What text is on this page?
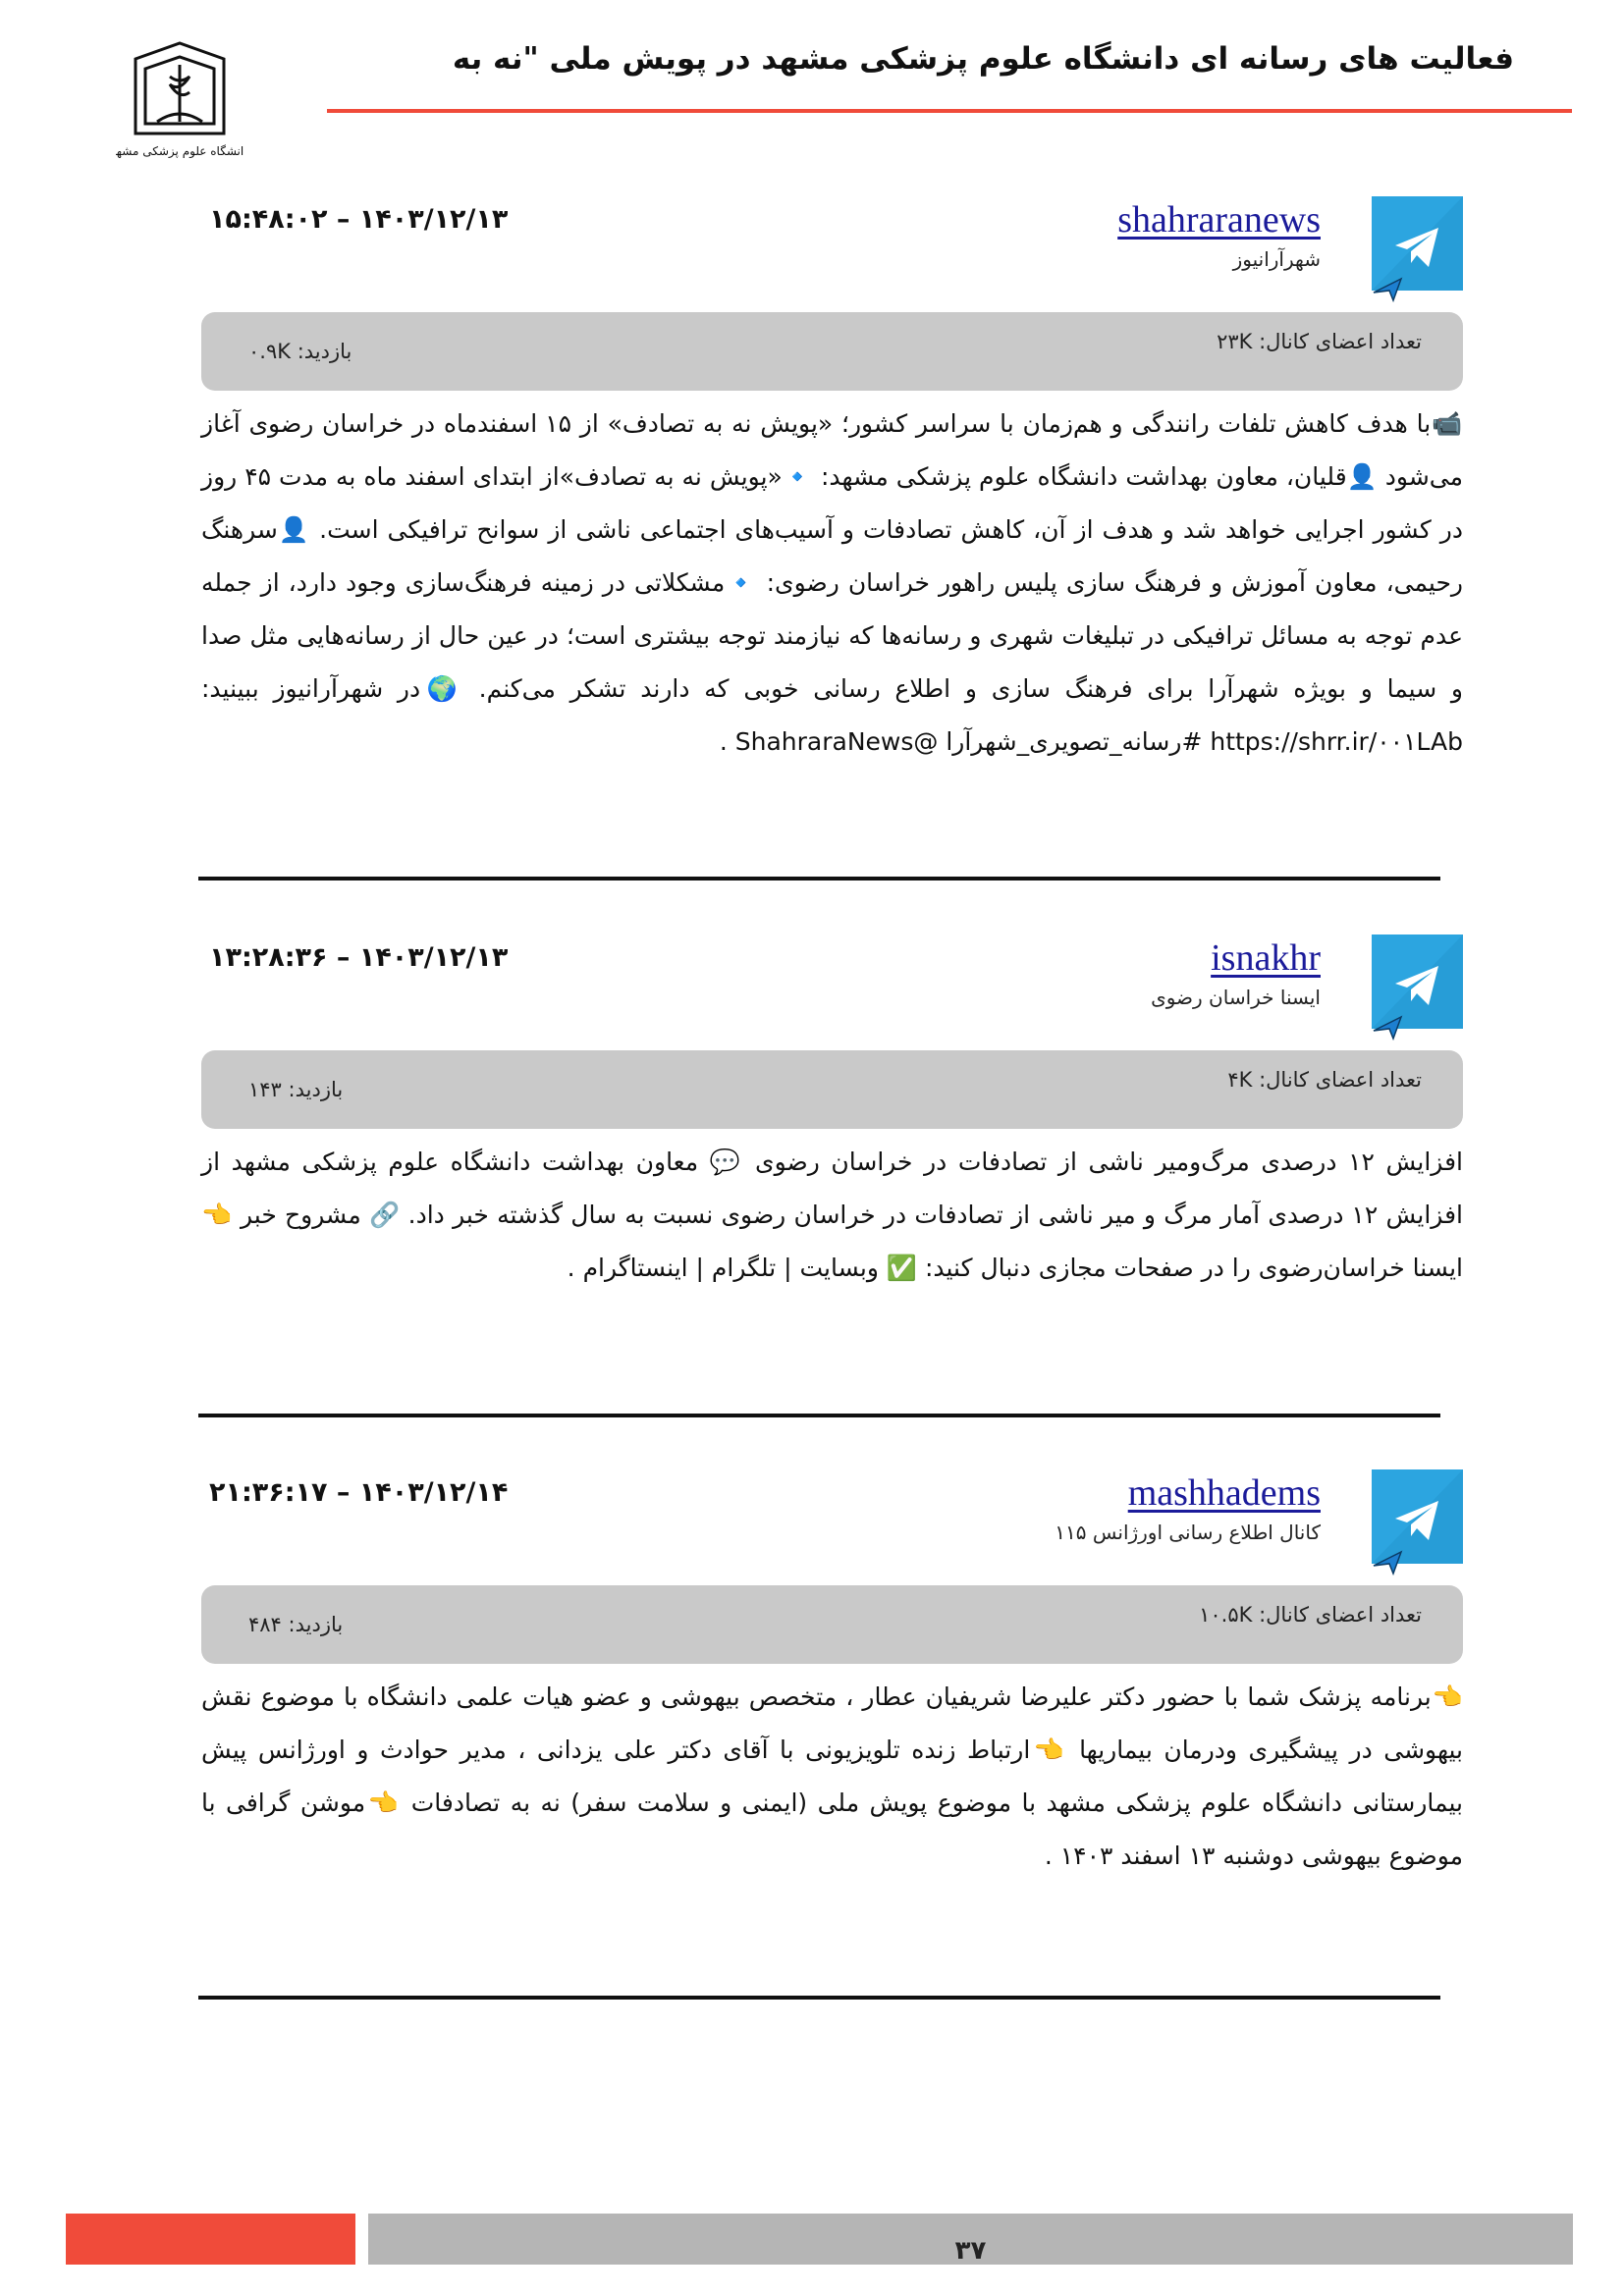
فعالیت های رسانه ای دانشگاه علوم پزشکی مشهد در پویش ملی "نه به
دانشگاه علوم پزشکی مشهد
shahraranews
شهرآرانیوز
۱۴۰۳/۱۲/۱۳ – ۱۵:۴۸:۰۲
تعداد اعضای کانال: ۲۳K
بازدید: ۰.۹K
📹با هدف کاهش تلفات رانندگی و هم‌زمان با سراسر کشور؛ «پویش نه به تصادف» از ۱۵ اسفندماه در خراسان رضوی آغاز می‌شود 👤قلیان، معاون بهداشت دانشگاه علوم پزشکی مشهد: 🔹«پویش نه به تصادف»از ابتدای اسفند ماه به مدت ۴۵ روز در کشور اجرایی خواهد شد و هدف از آن، کاهش تصادفات و آسیب‌های اجتماعی ناشی از سوانح ترافیکی است. 👤سرهنگ رحیمی، معاون آموزش و فرهنگ سازی پلیس راهور خراسان رضوی: 🔹مشکلاتی در زمینه فرهنگ‌سازی وجود دارد، از جمله عدم توجه به مسائل ترافیکی در تبلیغات شهری و رسانه‌ها که نیازمند توجه بیشتری است؛ در عین حال از رسانه‌هایی مثل صدا و سیما و بویژه شهرآرا برای فرهنگ سازی و اطلاع رسانی خوبی که دارند تشکر می‌کنم. 🌍در شهرآرانیوز ببینید: https://shrr.ir/۰۰۱LAb #رسانه_تصویری_شهرآرا @ShahraraNews .
isnakhr
ایسنا خراسان رضوی
۱۴۰۳/۱۲/۱۳ – ۱۳:۲۸:۳۶
تعداد اعضای کانال: ۴K
بازدید: ۱۴۳
افزایش ۱۲ درصدی مرگ‌ومیر ناشی از تصادفات در خراسان رضوی 💬 معاون بهداشت دانشگاه علوم پزشکی مشهد از افزایش ۱۲ درصدی آمار مرگ و میر ناشی از تصادفات در خراسان رضوی نسبت به سال گذشته خبر داد. 🔗 مشروح خبر 👈ایسنا خراسان‌رضوی را در صفحات مجازی دنبال کنید: ✅ وبسایت | تلگرام | اینستاگرام .
mashhadems
کانال اطلاع رسانی اورژانس ۱۱۵
۱۴۰۳/۱۲/۱۴ – ۲۱:۳۶:۱۷
تعداد اعضای کانال: ۱۰.۵K
بازدید: ۴۸۴
👈برنامه پزشک شما با حضور دکتر علیرضا شریفیان عطار ، متخصص بیهوشی و عضو هیات علمی دانشگاه با موضوع نقش بیهوشی در پیشگیری ودرمان بیماریها 👈ارتباط زنده تلویزیونی با آقای دکتر علی یزدانی ، مدیر حوادث و اورژانس پیش بیمارستانی دانشگاه علوم پزشکی مشهد با موضوع پویش ملی (ایمنی و سلامت سفر) نه به تصادفات 👈موشن گرافی با موضوع بیهوشی دوشنبه ۱۳ اسفند ۱۴۰۳ .
۳۷
